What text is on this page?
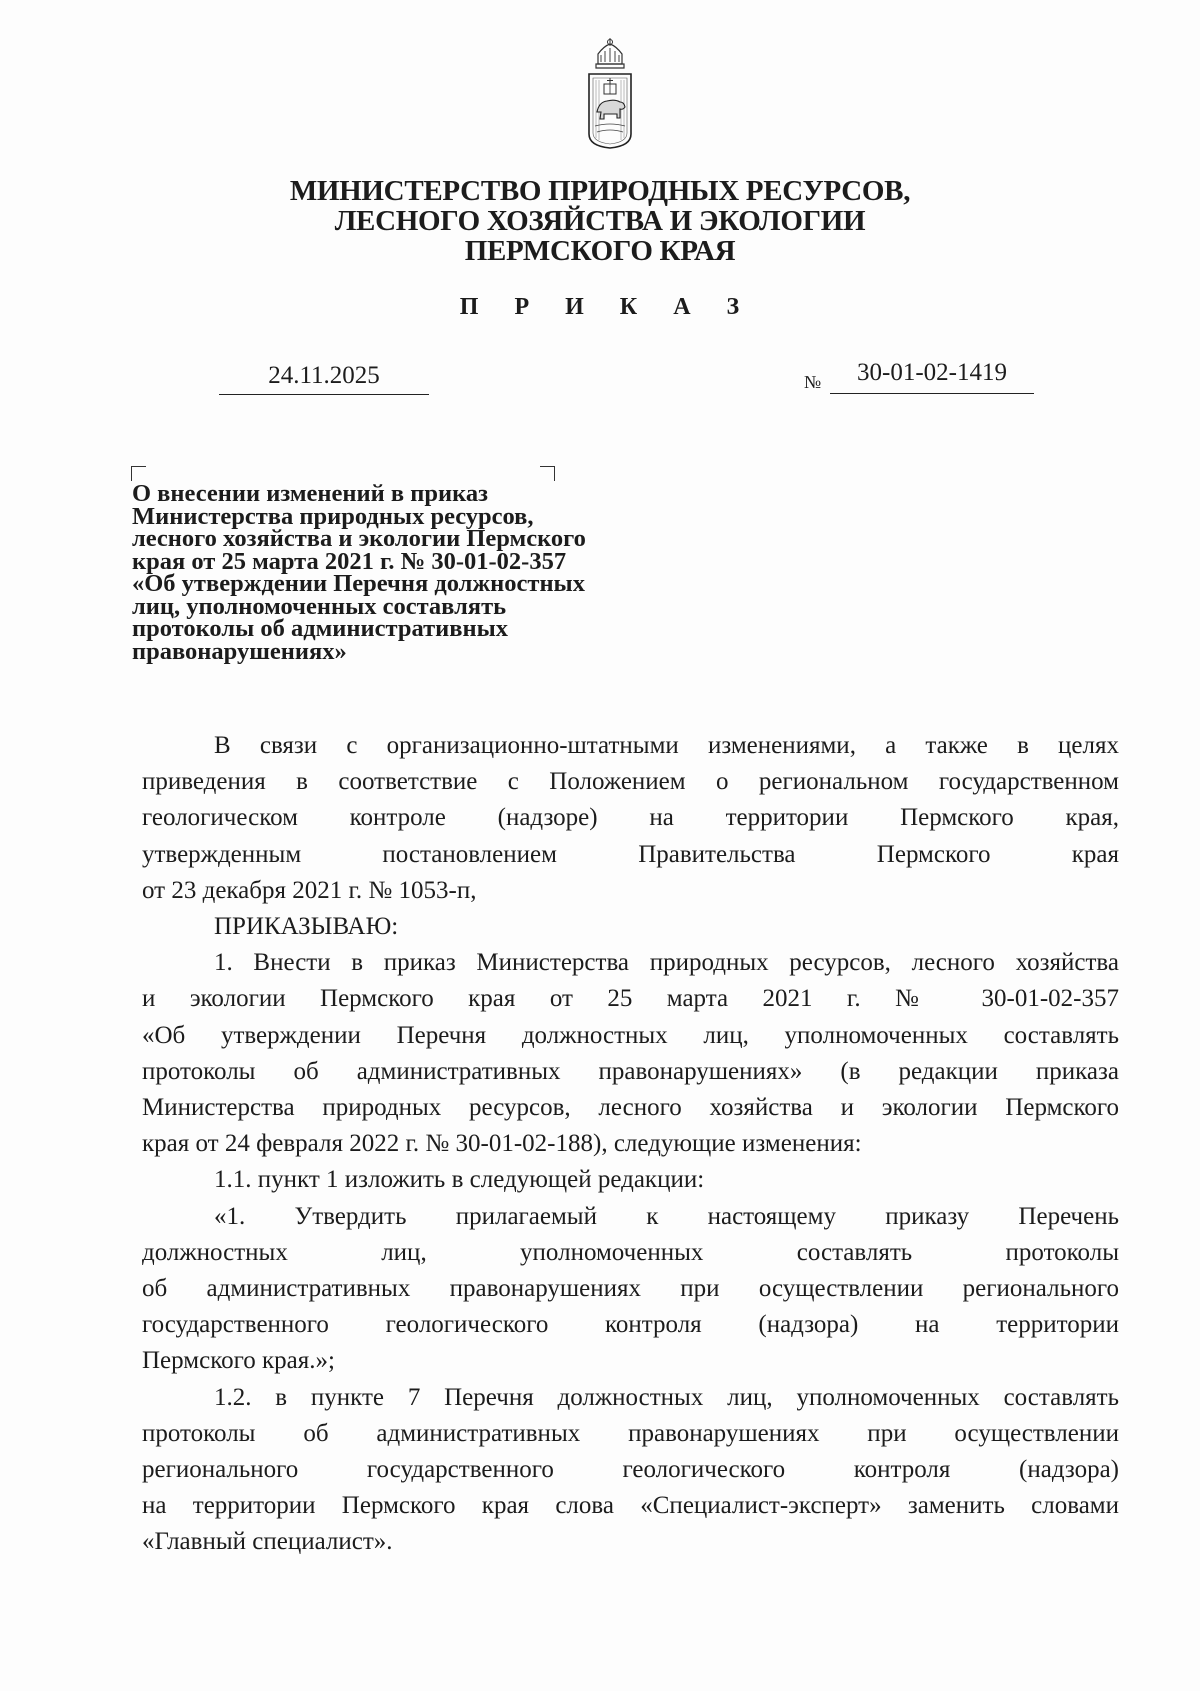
МИНИСТЕРСТВО ПРИРОДНЫХ РЕСУРСОВ,
ЛЕСНОГО ХОЗЯЙСТВА И ЭКОЛОГИИ
ПЕРМСКОГО КРАЯ
П Р И К А З
24.11.2025	№	30-01-02-1419
О внесении изменений в приказ
Министерства природных ресурсов,
лесного хозяйства и экологии Пермского
края от 25 марта 2021 г. № 30-01-02-357
«Об утверждении Перечня должностных
лиц, уполномоченных составлять
протоколы об административных
правонарушениях»
В связи с организационно-штатными изменениями, а также в целях
приведения в соответствие с Положением о региональном государственном
геологическом контроле (надзоре) на территории Пермского края,
утвержденным постановлением Правительства Пермского края
от 23 декабря 2021 г. № 1053-п,
ПРИКАЗЫВАЮ:
1. Внести в приказ Министерства природных ресурсов, лесного хозяйства
и экологии Пермского края от 25 марта 2021 г. № 30-01-02-357
«Об утверждении Перечня должностных лиц, уполномоченных составлять
протоколы об административных правонарушениях» (в редакции приказа
Министерства природных ресурсов, лесного хозяйства и экологии Пермского
края от 24 февраля 2022 г. № 30-01-02-188), следующие изменения:
1.1. пункт 1 изложить в следующей редакции:
«1. Утвердить прилагаемый к настоящему приказу Перечень
должностных лиц, уполномоченных составлять протоколы
об административных правонарушениях при осуществлении регионального
государственного геологического контроля (надзора) на территории
Пермского края.»;
1.2. в пункте 7 Перечня должностных лиц, уполномоченных составлять
протоколы об административных правонарушениях при осуществлении
регионального государственного геологического контроля (надзора)
на территории Пермского края слова «Специалист-эксперт» заменить словами
«Главный специалист».
